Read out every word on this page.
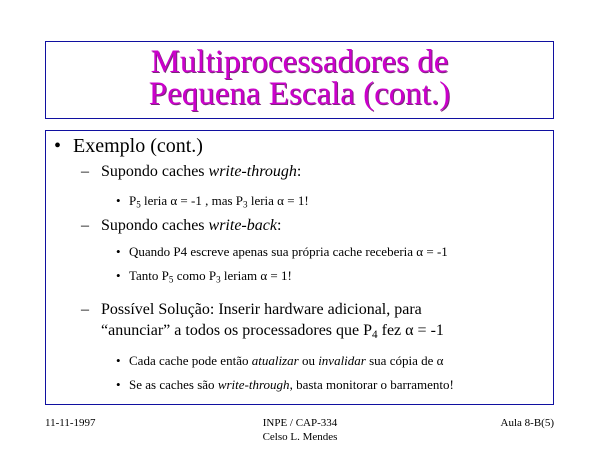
Multiprocessadores de
Pequena Escala (cont.)
• Exemplo (cont.)
– Supondo caches write-through:
• $P_5$ leria α = -1 , mas $P_3$ leria α = 1!
– Supondo caches write-back:
• Quando P4 escreve apenas sua própria cache receberia α = -1
• Tanto $P_5$ como $P_3$ leriam α = 1!
– Possível Solução: Inserir hardware adicional, para
“anunciar” a todos os processadores que $P_4$ fez α = -1
• Cada cache pode então atualizar ou invalidar sua cópia de α
• Se as caches são write-through, basta monitorar o barramento!
11-11-1997	INPE / CAP-334
Celso L. Mendes
Aula 8-B(5)
